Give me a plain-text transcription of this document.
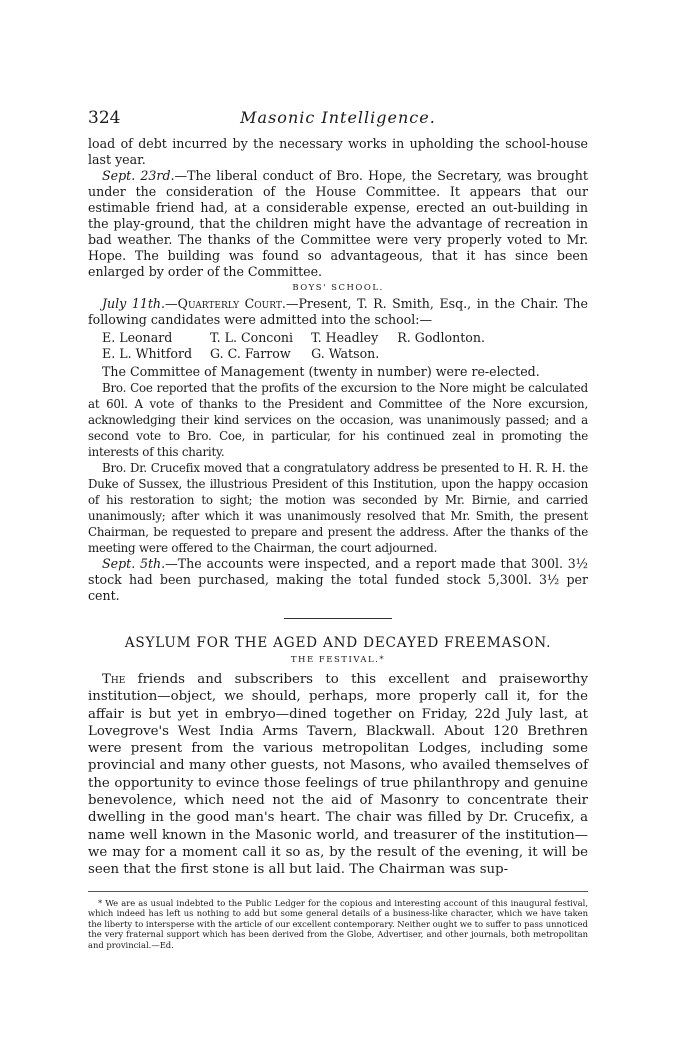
324	Masonic Intelligence.

load of debt incurred by the necessary works in upholding the school-house last year.

Sept. 23rd.—The liberal conduct of Bro. Hope, the Secretary, was brought under the consideration of the House Committee. It appears that our estimable friend had, at a considerable expense, erected an out-building in the play-ground, that the children might have the advantage of recreation in bad weather. The thanks of the Committee were very properly voted to Mr. Hope. The building was found so advantageous, that it has since been enlarged by order of the Committee.

BOYS' SCHOOL.

July 11th.—Quarterly Court.—Present, T. R. Smith, Esq., in the Chair. The following candidates were admitted into the school:—

E. Leonard	T. L. Conconi	T. Headley	R. Godlonton.
E. L. Whitford	G. C. Farrow	G. Watson.	

The Committee of Management (twenty in number) were re-elected.

Bro. Coe reported that the profits of the excursion to the Nore might be calculated at 60l. A vote of thanks to the President and Committee of the Nore excursion, acknowledging their kind services on the occasion, was unanimously passed; and a second vote to Bro. Coe, in particular, for his continued zeal in promoting the interests of this charity.

Bro. Dr. Crucefix moved that a congratulatory address be presented to H. R. H. the Duke of Sussex, the illustrious President of this Institution, upon the happy occasion of his restoration to sight; the motion was seconded by Mr. Birnie, and carried unanimously; after which it was unanimously resolved that Mr. Smith, the present Chairman, be requested to prepare and present the address. After the thanks of the meeting were offered to the Chairman, the court adjourned.

Sept. 5th.—The accounts were inspected, and a report made that 300l. 3½ stock had been purchased, making the total funded stock 5,300l. 3½ per cent.

ASYLUM FOR THE AGED AND DECAYED FREEMASON.
THE FESTIVAL.*

The friends and subscribers to this excellent and praiseworthy institution—object, we should, perhaps, more properly call it, for the affair is but yet in embryo—dined together on Friday, 22d July last, at Lovegrove's West India Arms Tavern, Blackwall. About 120 Brethren were present from the various metropolitan Lodges, including some provincial and many other guests, not Masons, who availed themselves of the opportunity to evince those feelings of true philanthropy and genuine benevolence, which need not the aid of Masonry to concentrate their dwelling in the good man's heart. The chair was filled by Dr. Crucefix, a name well known in the Masonic world, and treasurer of the institution—we may for a moment call it so as, by the result of the evening, it will be seen that the first stone is all but laid. The Chairman was sup-

* We are as usual indebted to the Public Ledger for the copious and interesting account of this inaugural festival, which indeed has left us nothing to add but some general details of a business-like character, which we have taken the liberty to intersperse with the article of our excellent contemporary. Neither ought we to suffer to pass unnoticed the very fraternal support which has been derived from the Globe, Advertiser, and other journals, both metropolitan and provincial.—Ed.
